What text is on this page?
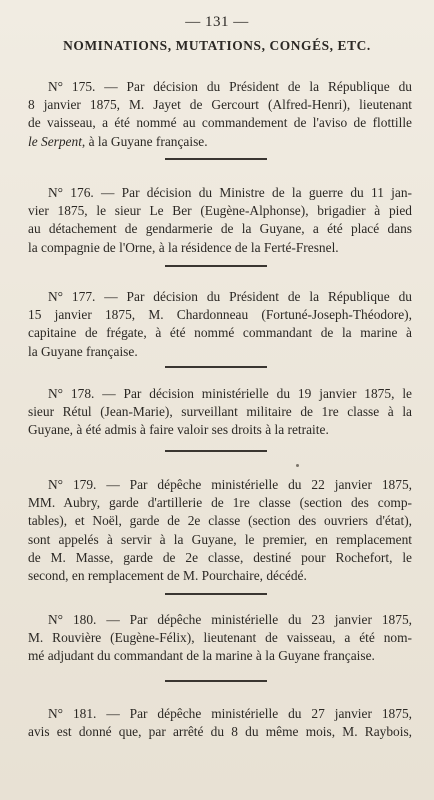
— 131 —
NOMINATIONS, MUTATIONS, CONGÉS, ETC.
N° 175. — Par décision du Président de la République du
8 janvier 1875, M. Jayet de Gercourt (Alfred-Henri), lieutenant
de vaisseau, a été nommé au commandement de l'aviso de flottille
le Serpent, à la Guyane française.
N° 176. — Par décision du Ministre de la guerre du 11 jan-
vier 1875, le sieur Le Ber (Eugène-Alphonse), brigadier à pied
au détachement de gendarmerie de la Guyane, a été placé dans
la compagnie de l'Orne, à la résidence de la Ferté-Fresnel.
N° 177. — Par décision du Président de la République du
15 janvier 1875, M. Chardonneau (Fortuné-Joseph-Théodore),
capitaine de frégate, à été nommé commandant de la marine à
la Guyane française.
N° 178. — Par décision ministérielle du 19 janvier 1875, le
sieur Rétul (Jean-Marie), surveillant militaire de 1re classe à la
Guyane, à été admis à faire valoir ses droits à la retraite.
N° 179. — Par dépêche ministérielle du 22 janvier 1875,
MM. Aubry, garde d'artillerie de 1re classe (section des comp-
tables), et Noël, garde de 2e classe (section des ouvriers d'état),
sont appelés à servir à la Guyane, le premier, en remplacement
de M. Masse, garde de 2e classe, destiné pour Rochefort, le
second, en remplacement de M. Pourchaire, décédé.
N° 180. — Par dépêche ministérielle du 23 janvier 1875,
M. Rouvière (Eugène-Félix), lieutenant de vaisseau, a été nom-
mé adjudant du commandant de la marine à la Guyane française.
N° 181. — Par dépêche ministérielle du 27 janvier 1875,
avis est donné que, par arrêté du 8 du même mois, M. Raybois,
